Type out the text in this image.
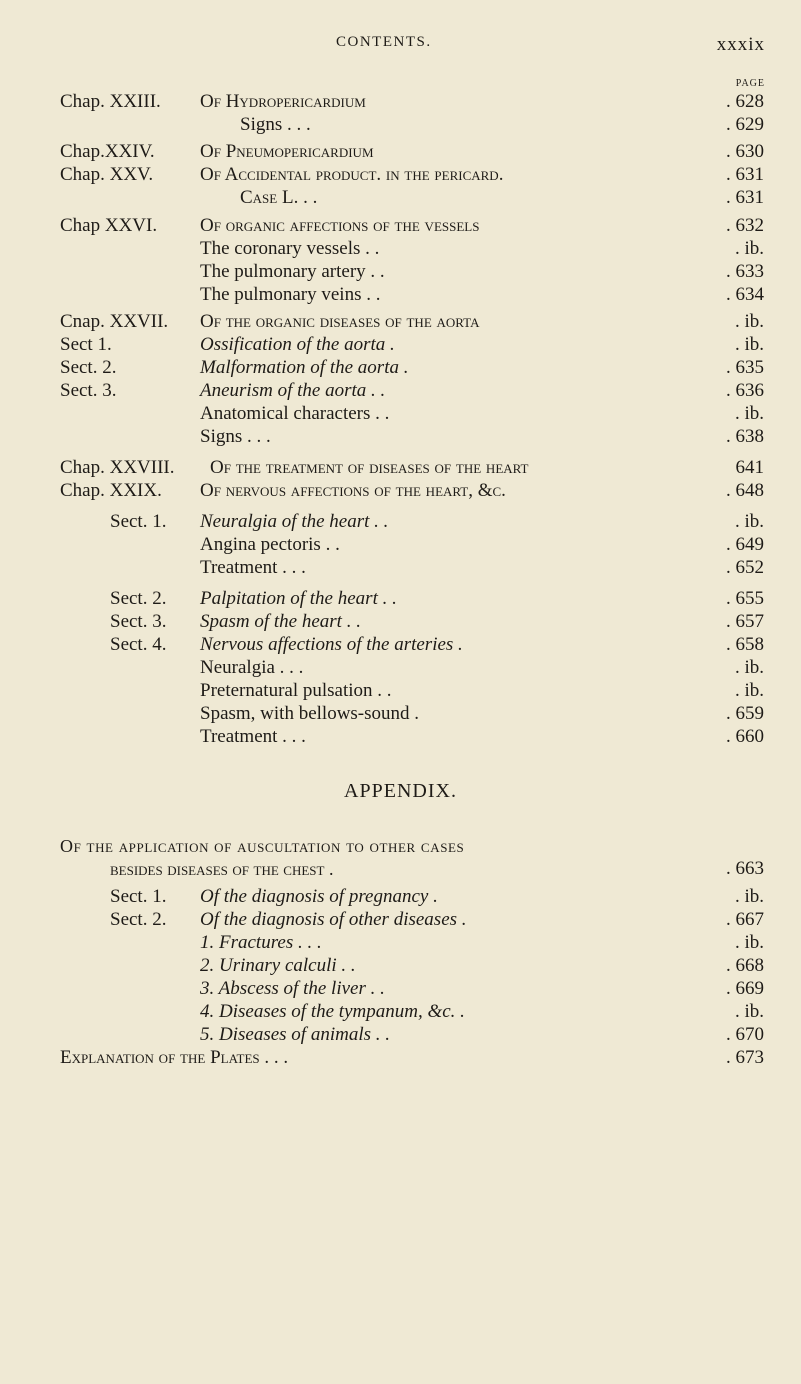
CONTENTS.	xxxix
PAGE
Chap. XXIII. Of Hydropericardium	. 628
Signs . . .	. 629
Chap.XXIV. Of Pneumopericardium	. 630
Chap. XXV. Of Accidental product. in the pericard.	. 631
Case L. . .	. 631
Chap XXVI. Of organic affections of the vessels	. 632
The coronary vessels . .	. ib.
The pulmonary artery . .	. 633
The pulmonary veins . .	. 634
Cnap. XXVII. Of the organic diseases of the aorta	. ib.
Sect 1.	Ossification of the aorta .	. ib.
Sect. 2.	Malformation of the aorta .	. 635
Sect. 3.	Aneurism of the aorta . .	. 636
Anatomical characters . .	. ib.
Signs . . .	. 638
Chap. XXVIII. Of the treatment of diseases of the heart	641
Chap. XXIX. Of nervous affections of the heart, &c.	. 648
Sect. 1. Neuralgia of the heart . .	. ib.
Angina pectoris . .	. 649
Treatment . . .	. 652
Sect. 2. Palpitation of the heart . .	. 655
Sect. 3. Spasm of the heart . .	. 657
Sect. 4. Nervous affections of the arteries .	. 658
Neuralgia . . .	. ib.
Preternatural pulsation . .	. ib.
Spasm, with bellows-sound .	. 659
Treatment . . .	. 660
APPENDIX.
Of the application of auscultation to other cases
besides diseases of the chest .	. 663
Sect. 1. Of the diagnosis of pregnancy .	. ib.
Sect. 2. Of the diagnosis of other diseases .	. 667
1. Fractures . . .	. ib.
2. Urinary calculi . .	. 668
3. Abscess of the liver . .	. 669
4. Diseases of the tympanum, &c. .	. ib.
5. Diseases of animals . .	. 670
Explanation of the Plates . . .	. 673
